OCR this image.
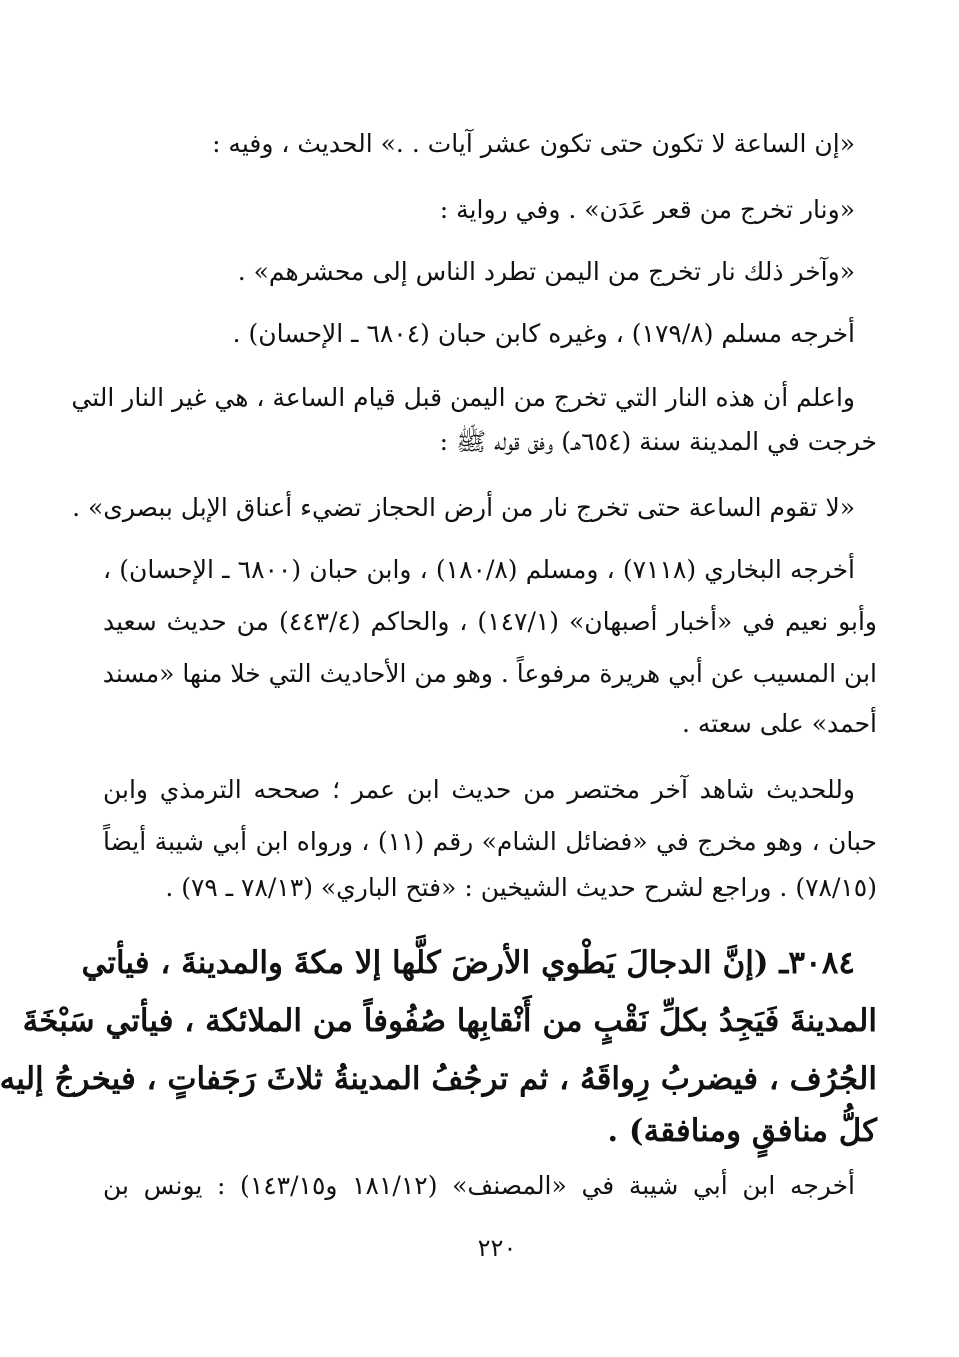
«إن الساعة لا تكون حتى تكون عشر آيات . .» الحديث ، وفيه :
«ونار تخرج من قعر عَدَن» . وفي رواية :
«وآخر ذلك نار تخرج من اليمن تطرد الناس إلى محشرهم» .
أخرجه مسلم (١٧٩/٨) ، وغيره كابن حبان (٦٨٠٤ ـ الإحسان) .
واعلم أن هذه النار التي تخرج من اليمن قبل قيام الساعة ، هي غير النار التي
خرجت في المدينة سنة (٦٥٤هـ) وفق قوله ﷺ :
«لا تقوم الساعة حتى تخرج نار من أرض الحجاز تضيء أعناق الإبل ببصرى» .
أخرجه البخاري (٧١١٨) ، ومسلم (١٨٠/٨) ، وابن حبان (٦٨٠٠ ـ الإحسان) ،
وأبو نعيم في «أخبار أصبهان» (١٤٧/١) ، والحاكم (٤٤٣/٤) من حديث سعيد
ابن المسيب عن أبي هريرة مرفوعاً . وهو من الأحاديث التي خلا منها «مسند
أحمد» على سعته .
وللحديث شاهد آخر مختصر من حديث ابن عمر ؛ صححه الترمذي وابن
حبان ، وهو مخرج في «فضائل الشام» رقم (١١) ، ورواه ابن أبي شيبة أيضاً
(٧٨/١٥) . وراجع لشرح حديث الشيخين : «فتح الباري» (٧٨/١٣ ـ ٧٩) .
٣٠٨٤ـ (إنَّ الدجالَ يَطْوي الأرضَ كلَّها إلا مكةَ والمدينةَ ، فيأتي
المدينةَ فَيَجِدُ بكلِّ نَقْبٍ من أَنْقابِها صُفُوفاً من الملائكة ، فيأتي سَبْخَةَ
الجُرُف ، فيضربُ رِواقَهُ ، ثم ترجُفُ المدينةُ ثلاثَ رَجَفاتٍ ، فيخرجُ إليه
كلُّ منافقٍ ومنافقة) .
أخرجه ابن أبي شيبة في «المصنف» (١٨١/١٢ و١٤٣/١٥) : يونس بن
٢٢٠
